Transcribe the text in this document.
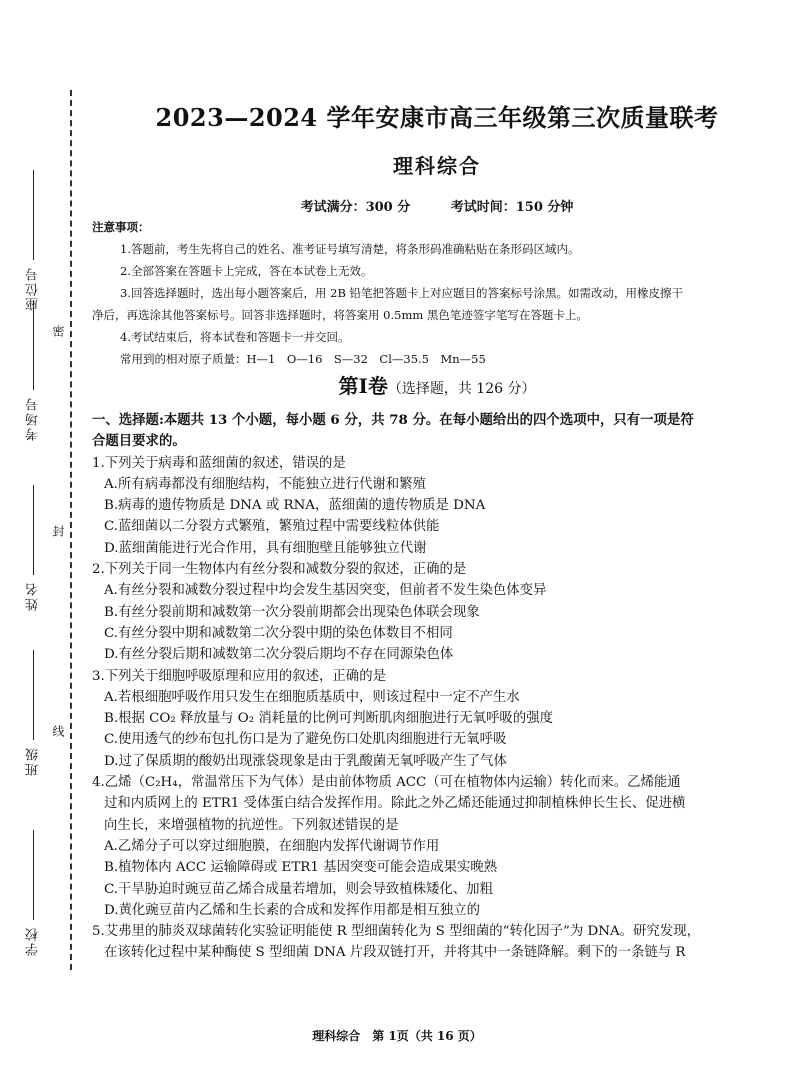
座位号
考场号
姓名
班级
学校
密
封
线
2023—2024 学年安康市高三年级第三次质量联考
理科综合
考试满分：300 分	考试时间：150 分钟
注意事项：
1.答题前，考生先将自己的姓名、准考证号填写清楚，将条形码准确粘贴在条形码区域内。
2.全部答案在答题卡上完成，答在本试卷上无效。
3.回答选择题时，选出每小题答案后，用 2B 铅笔把答题卡上对应题目的答案标号涂黑。如需改动，用橡皮擦干
净后，再选涂其他答案标号。回答非选择题时，将答案用 0.5mm 黑色笔迹签字笔写在答题卡上。
4.考试结束后，将本试卷和答题卡一并交回。
常用到的相对原子质量：H—1　O—16　S—32　Cl—35.5　Mn—55
第Ⅰ卷（选择题，共 126 分）
一、选择题:本题共 13 个小题，每小题 6 分，共 78 分。在每小题给出的四个选项中，只有一项是符
合题目要求的。
1.下列关于病毒和蓝细菌的叙述，错误的是
A.所有病毒都没有细胞结构，不能独立进行代谢和繁殖
B.病毒的遗传物质是 DNA 或 RNA，蓝细菌的遗传物质是 DNA
C.蓝细菌以二分裂方式繁殖，繁殖过程中需要线粒体供能
D.蓝细菌能进行光合作用，具有细胞壁且能够独立代谢
2.下列关于同一生物体内有丝分裂和减数分裂的叙述，正确的是
A.有丝分裂和减数分裂过程中均会发生基因突变，但前者不发生染色体变异
B.有丝分裂前期和减数第一次分裂前期都会出现染色体联会现象
C.有丝分裂中期和减数第二次分裂中期的染色体数目不相同
D.有丝分裂后期和减数第二次分裂后期均不存在同源染色体
3.下列关于细胞呼吸原理和应用的叙述，正确的是
A.若根细胞呼吸作用只发生在细胞质基质中，则该过程中一定不产生水
B.根据 CO₂ 释放量与 O₂ 消耗量的比例可判断肌肉细胞进行无氧呼吸的强度
C.使用透气的纱布包扎伤口是为了避免伤口处肌肉细胞进行无氧呼吸
D.过了保质期的酸奶出现涨袋现象是由于乳酸菌无氧呼吸产生了气体
4.乙烯（C₂H₄，常温常压下为气体）是由前体物质 ACC（可在植物体内运输）转化而来。乙烯能通
过和内质网上的 ETR1 受体蛋白结合发挥作用。除此之外乙烯还能通过抑制植株伸长生长、促进横
向生长，来增强植物的抗逆性。下列叙述错误的是
A.乙烯分子可以穿过细胞膜，在细胞内发挥代谢调节作用
B.植物体内 ACC 运输障碍或 ETR1 基因突变可能会造成果实晚熟
C.干旱胁迫时豌豆苗乙烯合成量若增加，则会导致植株矮化、加粗
D.黄化豌豆苗内乙烯和生长素的合成和发挥作用都是相互独立的
5.艾弗里的肺炎双球菌转化实验证明能使 R 型细菌转化为 S 型细菌的“转化因子”为 DNA。研究发现，
在该转化过程中某种酶使 S 型细菌 DNA 片段双链打开，并将其中一条链降解。剩下的一条链与 R
理科综合　第 1页（共 16 页）
